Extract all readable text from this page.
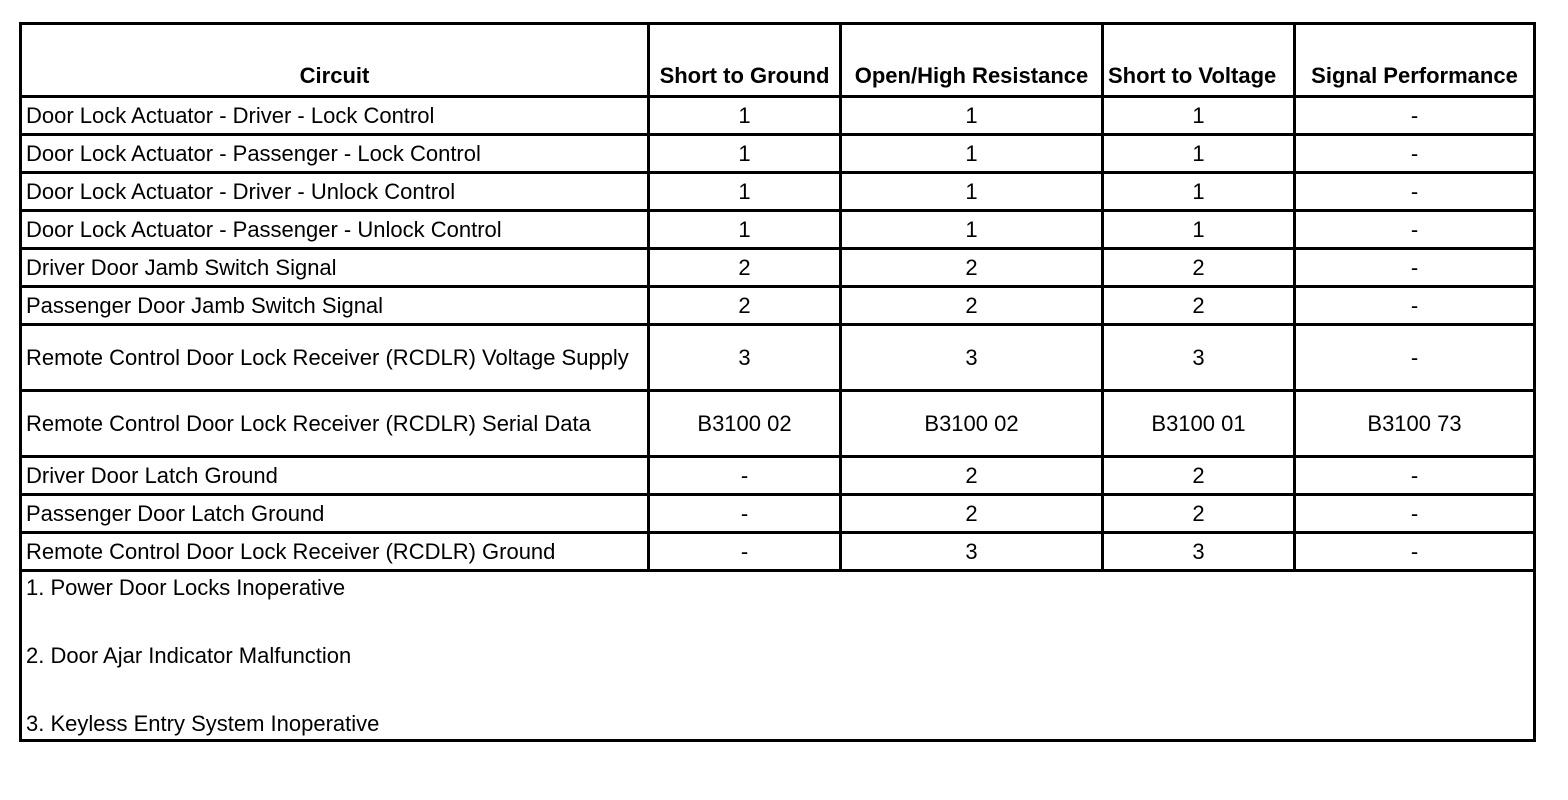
Circuit	Short to Ground	Open/High Resistance	Short to Voltage	Signal Performance
Door Lock Actuator - Driver - Lock Control	1	1	1	-
Door Lock Actuator - Passenger - Lock Control	1	1	1	-
Door Lock Actuator - Driver - Unlock Control	1	1	1	-
Door Lock Actuator - Passenger - Unlock Control	1	1	1	-
Driver Door Jamb Switch Signal	2	2	2	-
Passenger Door Jamb Switch Signal	2	2	2	-
Remote Control Door Lock Receiver (RCDLR) Voltage Supply	3	3	3	-
Remote Control Door Lock Receiver (RCDLR) Serial Data	B3100 02	B3100 02	B3100 01	B3100 73
Driver Door Latch Ground	-	2	2	-
Passenger Door Latch Ground	-	2	2	-
Remote Control Door Lock Receiver (RCDLR) Ground	-	3	3	-

1. Power Door Locks Inoperative
2. Door Ajar Indicator Malfunction
3. Keyless Entry System Inoperative				
